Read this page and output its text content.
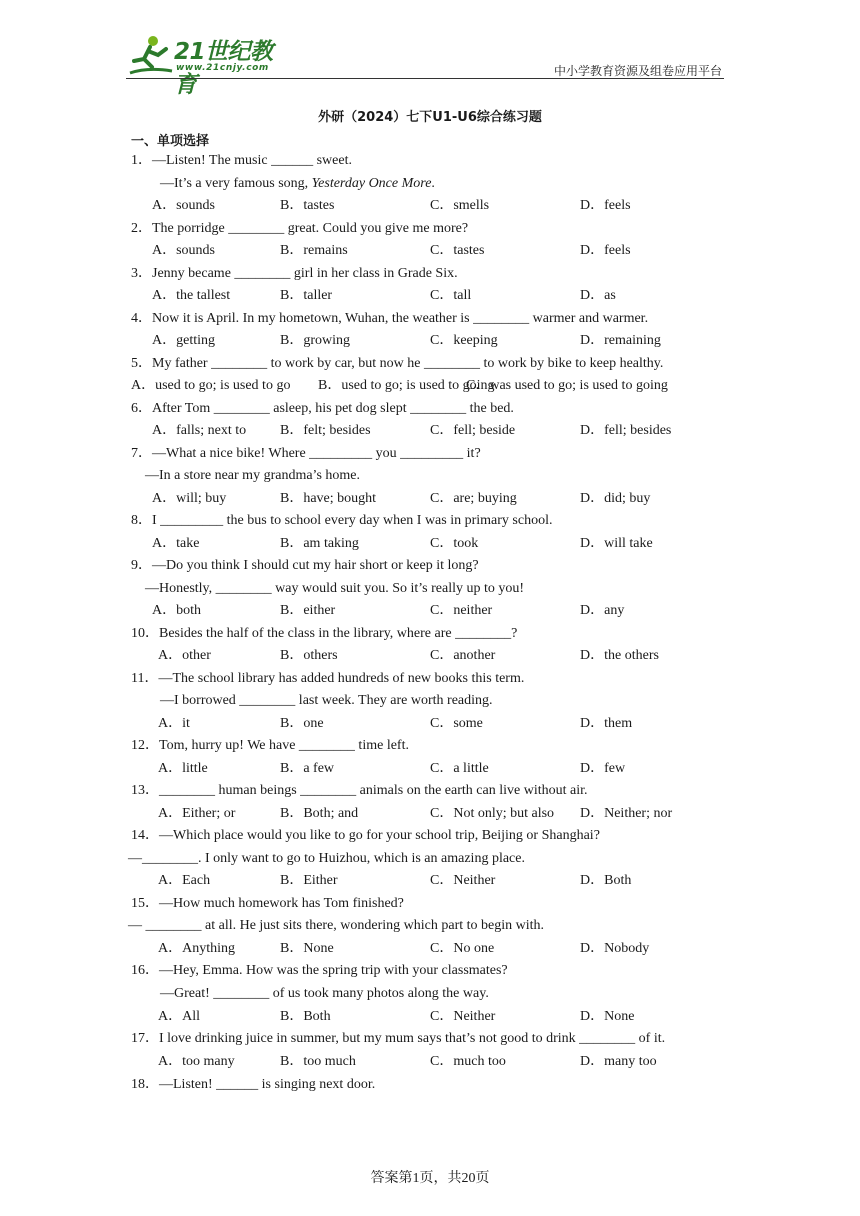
21世纪教育
www.21cnjy.com	中小学教育资源及组卷应用平台
外研（2024）七下U1-U6综合练习题
一、单项选择
1．—Listen! The music ______ sweet.
—It’s a very famous song, Yesterday Once More.
A．sounds	B．tastes	C．smells	D．feels
2．The porridge ________ great. Could you give me more?
A．sounds	B．remains	C．tastes	D．feels
3．Jenny became ________ girl in her class in Grade Six.
A．the tallest	B．taller	C．tall	D．as
4．Now it is April. In my hometown, Wuhan, the weather is ________ warmer and warmer.
A．getting	B．growing	C．keeping	D．remaining
5．My father ________ to work by car, but now he ________ to work by bike to keep healthy.
A．used to go; is used to go B．used to go; is used to going
C．was used to go; is used to going
6．After Tom ________ asleep, his pet dog slept ________ the bed.
A．falls; next to B．felt; besides	C．fell; beside	D．fell; besides
7．—What a nice bike! Where _________ you _________ it?
—In a store near my grandma’s home.
A．will; buy	B．have; bought	C．are; buying	D．did; buy
8．I _________ the bus to school every day when I was in primary school.
A．take	B．am taking	C．took	D．will take
9．—Do you think I should cut my hair short or keep it long?
—Honestly, ________ way would suit you. So it’s really up to you!
A．both	B．either	C．neither	D．any
10．Besides the half of the class in the library, where are ________?
A．other	B．others	C．another	D．the others
11．—The school library has added hundreds of new books this term.
—I borrowed ________ last week. They are worth reading.
A．it	B．one	C．some	D．them
12．Tom, hurry up! We have ________ time left.
A．little	B．a few	C．a little	D．few
13．________ human beings ________ animals on the earth can live without air.
A．Either; or	B．Both; and	C．Not only; but also D．Neither; nor
14．—Which place would you like to go for your school trip, Beijing or Shanghai?
—________. I only want to go to Huizhou, which is an amazing place.
A．Each	B．Either	C．Neither	D．Both
15．—How much homework has Tom finished?
— ________ at all. He just sits there, wondering which part to begin with.
A．Anything	B．None	C．No one	D．Nobody
16．—Hey, Emma. How was the spring trip with your classmates?
—Great! ________ of us took many photos along the way.
A．All	B．Both	C．Neither	D．None
17．I love drinking juice in summer, but my mum says that’s not good to drink ________ of it.
A．too many	B．too much	C．much too	D．many too
18．—Listen! ______ is singing next door.
答案第1页，共20页
